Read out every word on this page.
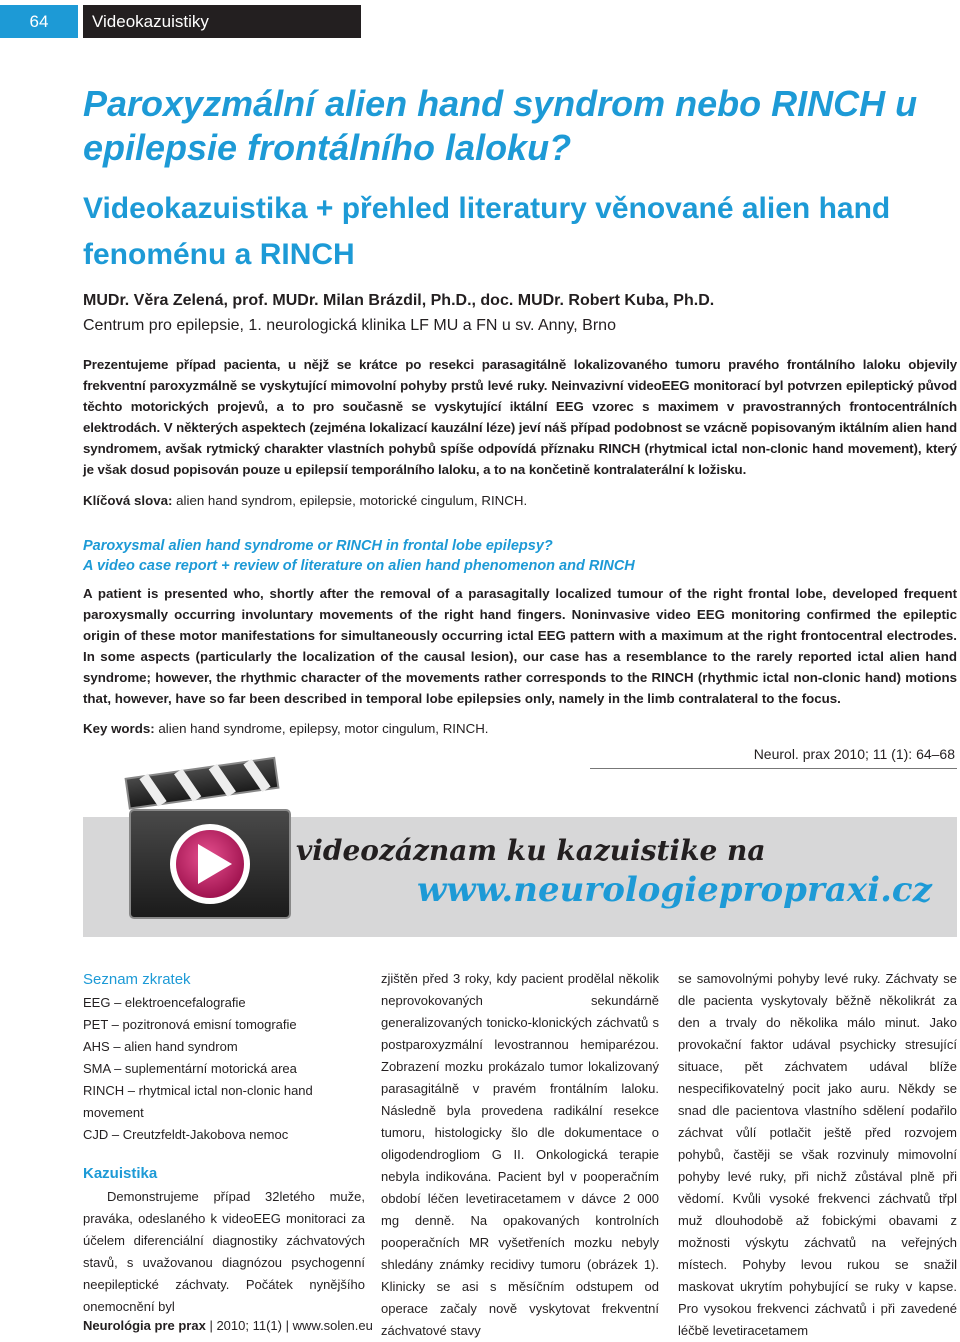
64	Videokazuistiky
Paroxyzmální alien hand syndrom nebo RINCH u epilepsie frontálního laloku?
Videokazuistika + přehled literatury věnované alien hand fenoménu a RINCH
MUDr. Věra Zelená, prof. MUDr. Milan Brázdil, Ph.D., doc. MUDr. Robert Kuba, Ph.D.
Centrum pro epilepsie, 1. neurologická klinika LF MU a FN u sv. Anny, Brno

Prezentujeme případ pacienta, u nějž se krátce po resekci parasagitálně lokalizovaného tumoru pravého frontálního laloku objevily frekventní paroxyzmálně se vyskytující mimovolní pohyby prstů levé ruky. Neinvazivní videoEEG monitorací byl potvrzen epileptický původ těchto motorických projevů, a to pro současně se vyskytující iktální EEG vzorec s maximem v pravostranných frontocentrálních elektrodách. V některých aspektech (zejména lokalizací kauzální léze) jeví náš případ podobnost se vzácně popisovaným iktálním alien hand syndromem, avšak rytmický charakter vlastních pohybů spíše odpovídá příznaku RINCH (rhytmical ictal non-clonic hand movement), který je však dosud popisován pouze u epilepsií temporálního laloku, a to na končetině kontralaterální k ložisku.

Klíčová slova: alien hand syndrom, epilepsie, motorické cingulum, RINCH.
Paroxysmal alien hand syndrome or RINCH in frontal lobe epilepsy?
A video case report + review of literature on alien hand phenomenon and RINCH

A patient is presented who, shortly after the removal of a parasagitally localized tumour of the right frontal lobe, developed frequent paroxysmally occurring involuntary movements of the right hand fingers. Noninvasive video EEG monitoring confirmed the epileptic origin of these motor manifestations for simultaneously occurring ictal EEG pattern with a maximum at the right frontocentral electrodes. In some aspects (particularly the localization of the causal lesion), our case has a resemblance to the rarely reported ictal alien hand syndrome; however, the rhythmic character of the movements rather corresponds to the RINCH (rhythmic ictal non-clonic hand) motions that, however, have so far been described in temporal lobe epilepsies only, namely in the limb contralateral to the focus.

Key words: alien hand syndrome, epilepsy, motor cingulum, RINCH.
Neurol. prax 2010; 11 (1): 64–68
videozáznam ku kazuistike na
www.neurologiepropraxi.cz
Seznam zkratek
EEG – elektroencefalografie
PET – pozitronová emisní tomografie
AHS – alien hand syndrom
SMA – suplementární motorická area
RINCH – rhytmical ictal non-clonic hand movement
CJD – Creutzfeldt-Jakobova nemoc
Kazuistika
Demonstrujeme případ 32letého muže, praváka, odeslaného k videoEEG monitoraci za účelem diferenciální diagnostiky záchvatových stavů, s uvažovanou diagnózou psychogenní neepileptické záchvaty. Počátek nynějšího onemocnění byl
zjištěn před 3 roky, kdy pacient prodělal několik neprovokovaných sekundárně generalizovaných tonicko-klonických záchvatů s postparoxyzmální levostrannou hemiparézou. Zobrazení mozku prokázalo tumor lokalizovaný parasagitálně v pravém frontálním laloku. Následně byla provedena radikální resekce tumoru, histologicky šlo dle dokumentace o oligodendrogliom G II. Onkologická terapie nebyla indikována. Pacient byl v pooperačním období léčen levetiracetamem v dávce 2 000 mg denně. Na opakovaných kontrolních pooperačních MR vyšetřeních mozku nebyly shledány známky recidivy tumoru (obrázek 1). Klinicky se asi s měsíčním odstupem od operace začaly nově vyskytovat frekventní záchvatové stavy
se samovolnými pohyby levé ruky. Záchvaty se dle pacienta vyskytovaly běžně několikrát za den a trvaly do několika málo minut. Jako provokační faktor udával psychicky stresující situace, pět záchvatem udával blíže nespecifikovatelný pocit jako auru. Někdy se snad dle pacientova vlastního sdělení podařilo záchvat vůlí potlačit ještě před rozvojem pohybů, častěji se však rozvinuly mimovolní pohyby levé ruky, při nichž zůstával plně při vědomí. Kvůli vysoké frekvenci záchvatů třpl muž dlouhodobě až fobickými obavami z možnosti výskytu záchvatů na veřejných místech. Pohyby levou rukou se snažil maskovat ukrytím pohybující se ruky v kapse. Pro vysokou frekvenci záchvatů i při zavedené léčbě levetiracetamem
Neurológia pre prax | 2010; 11(1) | www.solen.eu
